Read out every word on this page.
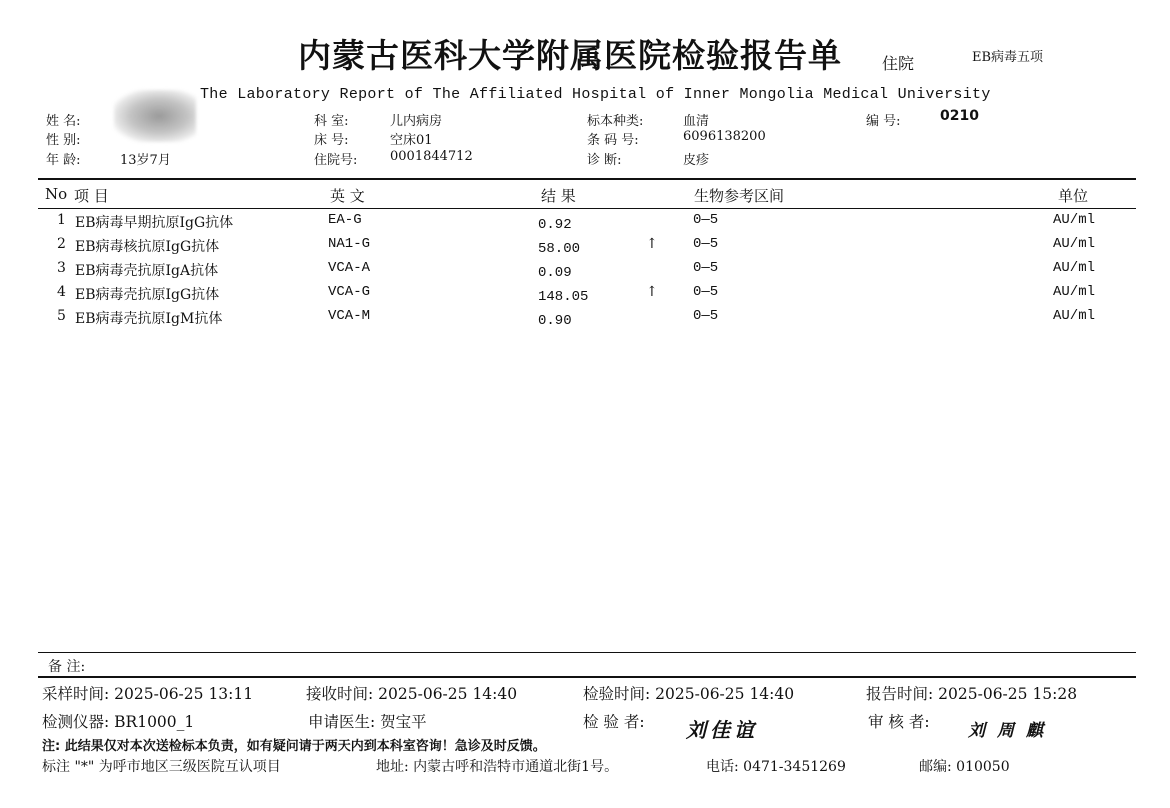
内蒙古医科大学附属医院检验报告单	住院	EB病毒五项
The Laboratory Report of The Affiliated Hospital of Inner Mongolia Medical University
姓 名:
性 别:
年 龄:	13岁7月
科 室:	儿内病房
床 号:	空床01
住院号:	0001844712
标本种类:	血清
条 码 号:	6096138200
诊 断:	皮疹
编 号:	0210
No 项 目	英 文	结 果	生物参考区间	单位
1 EB病毒早期抗原IgG抗体	EA-G	0.92	0—5	AU/ml
2 EB病毒核抗原IgG抗体	NA1-G	58.00	↑	0—5	AU/ml
3 EB病毒壳抗原IgA抗体	VCA-A	0.09	0—5	AU/ml
4 EB病毒壳抗原IgG抗体	VCA-G	148.05	↑	0—5	AU/ml
5 EB病毒壳抗原IgM抗体	VCA-M	0.90	0—5	AU/ml
备 注:
采样时间: 2025-06-25 13:11	接收时间: 2025-06-25 14:40	检验时间: 2025-06-25 14:40	报告时间: 2025-06-25 15:28
检测仪器: BR1000_1	申请医生: 贺宝平	检 验 者: 刘佳谊	审 核 者: 刘周麒
注: 此结果仅对本次送检标本负责，如有疑问请于两天内到本科室咨询！急诊及时反馈。
标注 "*" 为呼市地区三级医院互认项目	地址: 内蒙古呼和浩特市通道北街1号。	电话: 0471-3451269	邮编: 010050
